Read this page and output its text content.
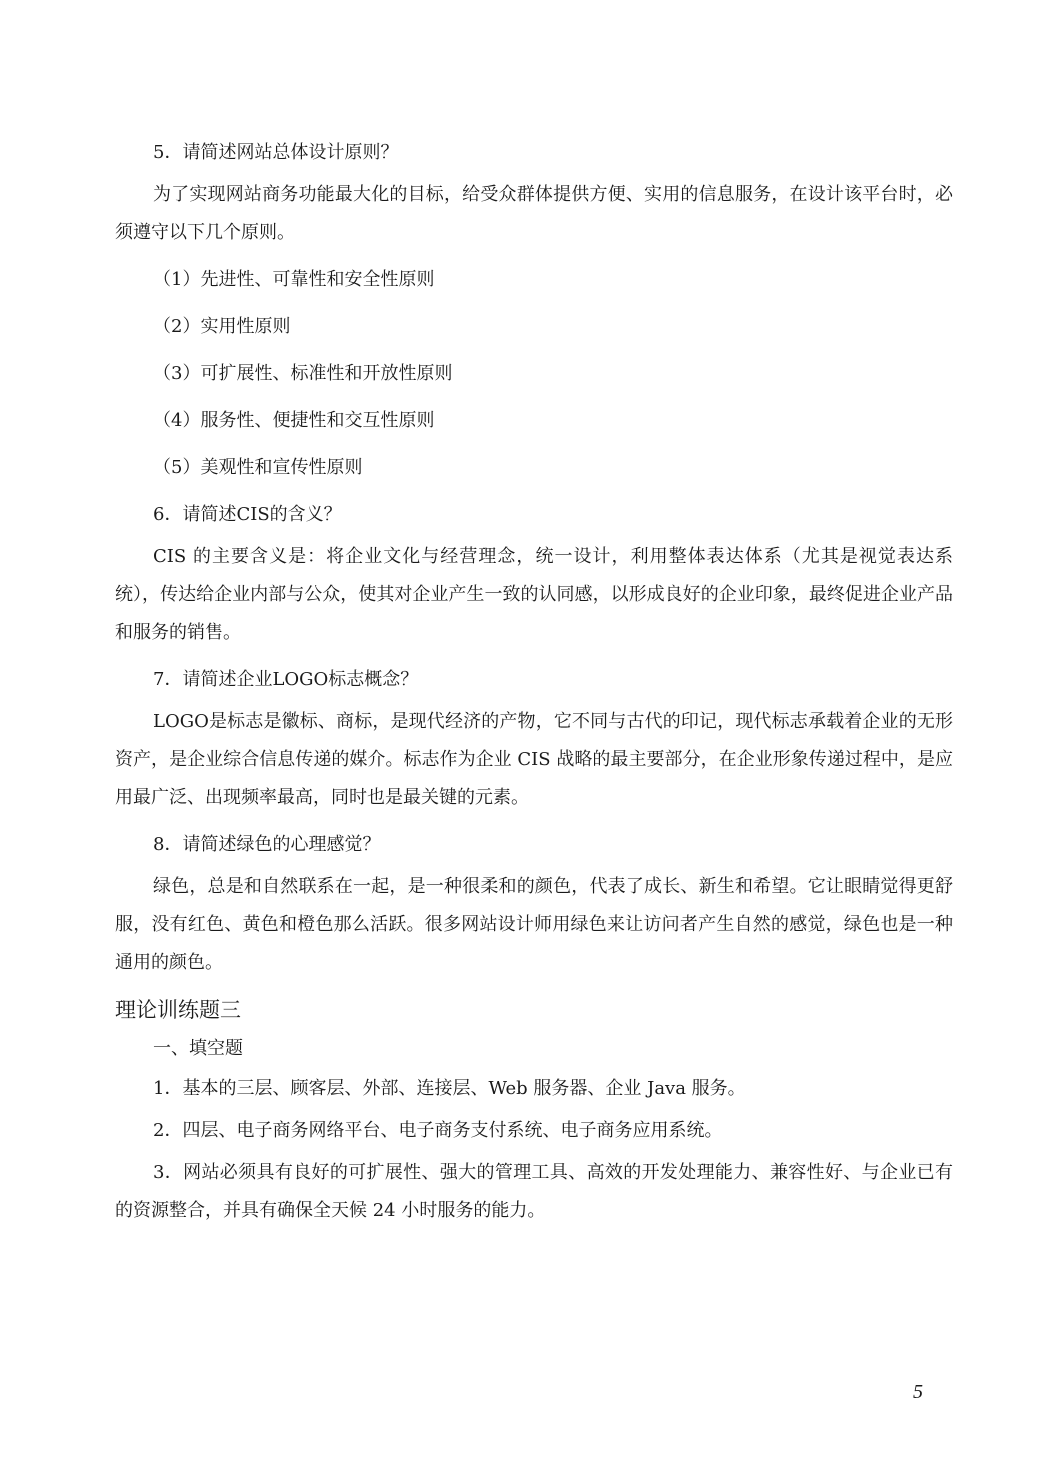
5．请简述网站总体设计原则？
为了实现网站商务功能最大化的目标，给受众群体提供方便、实用的信息服务，在设计该平台时，必须遵守以下几个原则。
（1）先进性、可靠性和安全性原则
（2）实用性原则
（3）可扩展性、标准性和开放性原则
（4）服务性、便捷性和交互性原则
（5）美观性和宣传性原则
6．请简述CIS的含义？
CIS 的主要含义是：将企业文化与经营理念，统一设计，利用整体表达体系（尤其是视觉表达系统），传达给企业内部与公众，使其对企业产生一致的认同感，以形成良好的企业印象，最终促进企业产品和服务的销售。
7．请简述企业LOGO标志概念？
LOGO是标志是徽标、商标，是现代经济的产物，它不同与古代的印记，现代标志承载着企业的无形资产，是企业综合信息传递的媒介。标志作为企业 CIS 战略的最主要部分，在企业形象传递过程中，是应用最广泛、出现频率最高，同时也是最关键的元素。
8．请简述绿色的心理感觉？
绿色，总是和自然联系在一起，是一种很柔和的颜色，代表了成长、新生和希望。它让眼睛觉得更舒服，没有红色、黄色和橙色那么活跃。很多网站设计师用绿色来让访问者产生自然的感觉，绿色也是一种通用的颜色。
理论训练题三
一、填空题
1．基本的三层、顾客层、外部、连接层、Web 服务器、企业 Java 服务。
2．四层、电子商务网络平台、电子商务支付系统、电子商务应用系统。
3．网站必须具有良好的可扩展性、强大的管理工具、高效的开发处理能力、兼容性好、与企业已有的资源整合，并具有确保全天候 24 小时服务的能力。
5
